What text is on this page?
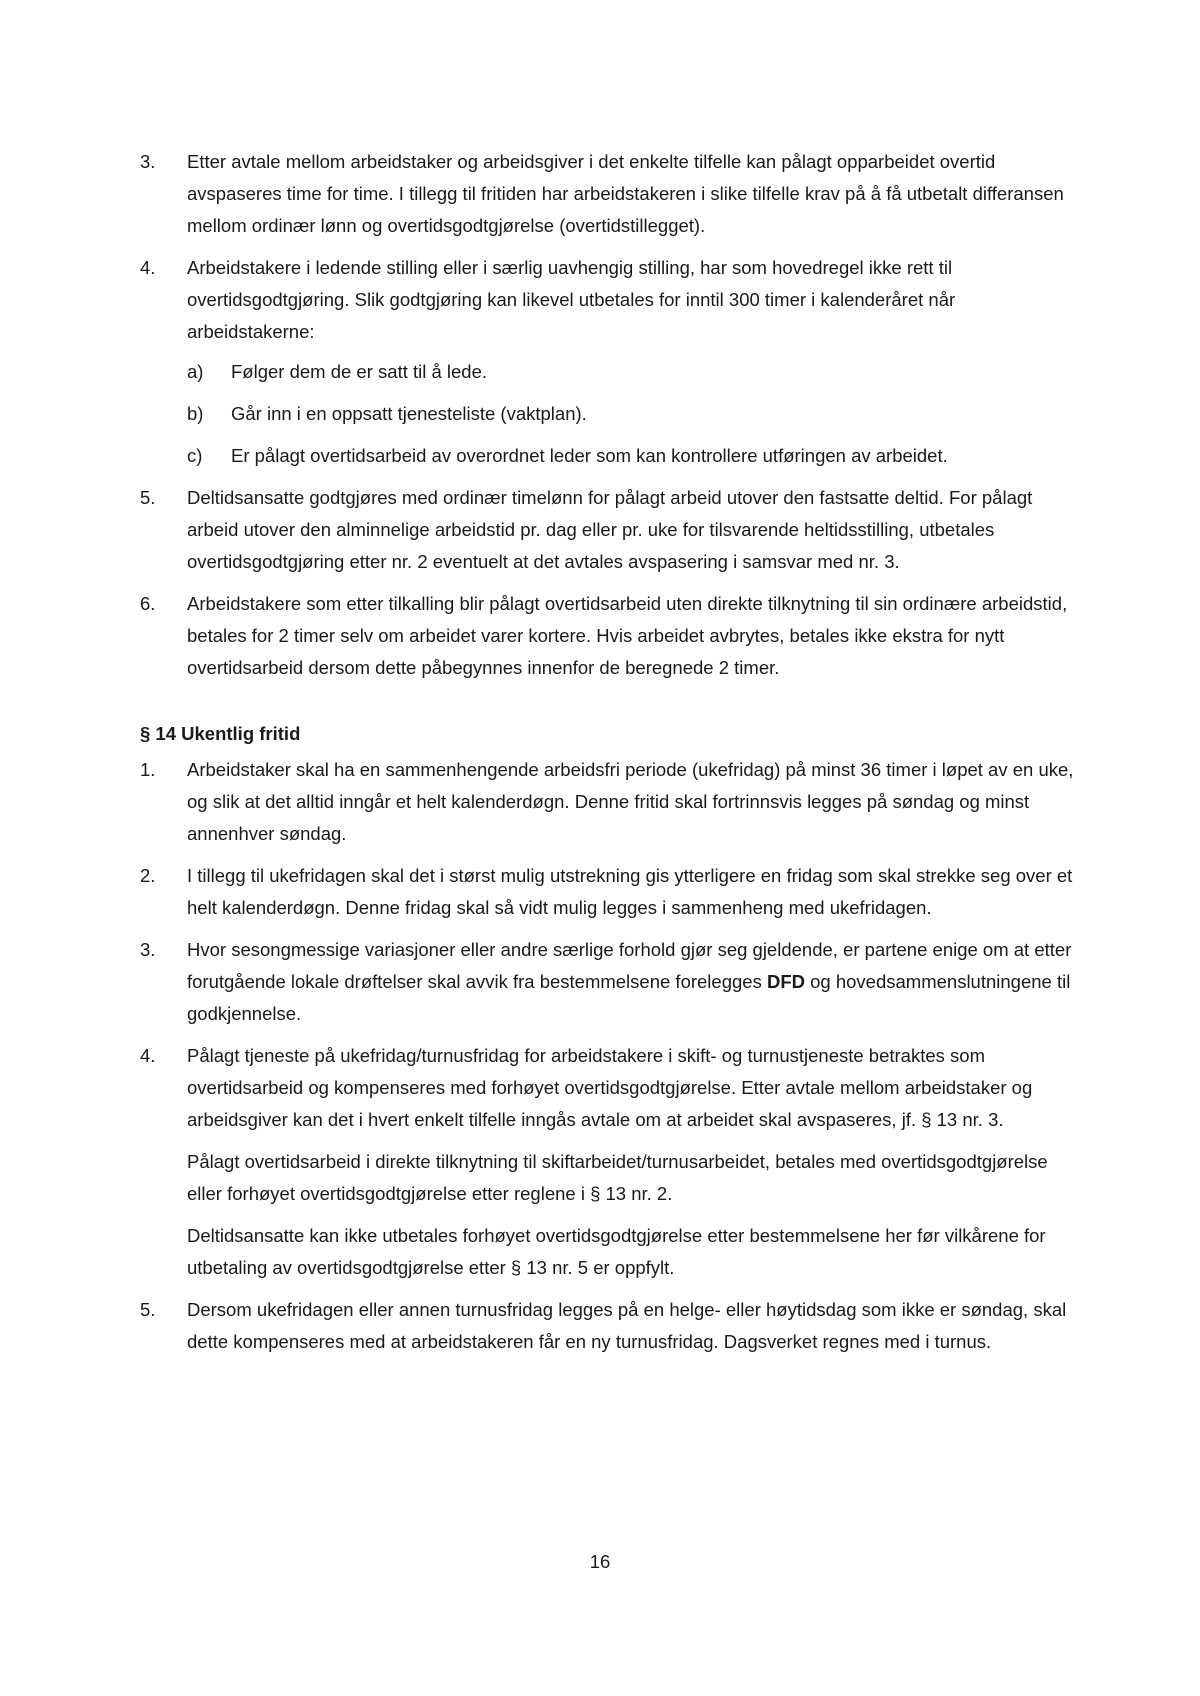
3.	Etter avtale mellom arbeidstaker og arbeidsgiver i det enkelte tilfelle kan pålagt opparbeidet overtid avspaseres time for time. I tillegg til fritiden har arbeidstakeren i slike tilfelle krav på å få utbetalt differansen mellom ordinær lønn og overtidsgodtgjørelse (overtidstillegget).

4.	Arbeidstakere i ledende stilling eller i særlig uavhengig stilling, har som hovedregel ikke rett til overtidsgodtgjøring. Slik godtgjøring kan likevel utbetales for inntil 300 timer i kalenderåret når arbeidstakerne:

a)	Følger dem de er satt til å lede.
b)	Går inn i en oppsatt tjenesteliste (vaktplan).
c)	Er pålagt overtidsarbeid av overordnet leder som kan kontrollere utføringen av arbeidet.
5.	Deltidsansatte godtgjøres med ordinær timelønn for pålagt arbeid utover den fastsatte deltid. For pålagt arbeid utover den alminnelige arbeidstid pr. dag eller pr. uke for tilsvarende heltidsstilling, utbetales overtidsgodtgjøring etter nr. 2 eventuelt at det avtales avspasering i samsvar med nr. 3.

6.	Arbeidstakere som etter tilkalling blir pålagt overtidsarbeid uten direkte tilknytning til sin ordinære arbeidstid, betales for 2 timer selv om arbeidet varer kortere. Hvis arbeidet avbrytes, betales ikke ekstra for nytt overtidsarbeid dersom dette påbegynnes innenfor de beregnede 2 timer.

§ 14 Ukentlig fritid
1.	Arbeidstaker skal ha en sammenhengende arbeidsfri periode (ukefridag) på minst 36 timer i løpet av en uke, og slik at det alltid inngår et helt kalenderdøgn. Denne fritid skal fortrinnsvis legges på søndag og minst annenhver søndag.

2.	I tillegg til ukefridagen skal det i størst mulig utstrekning gis ytterligere en fridag som skal strekke seg over et helt kalenderdøgn. Denne fridag skal så vidt mulig legges i sammenheng med ukefridagen.

3.	Hvor sesongmessige variasjoner eller andre særlige forhold gjør seg gjeldende, er partene enige om at etter forutgående lokale drøftelser skal avvik fra bestemmelsene forelegges DFD og hovedsammenslutningene til godkjennelse.

4.	Pålagt tjeneste på ukefridag/turnusfridag for arbeidstakere i skift- og turnustjeneste betraktes som overtidsarbeid og kompenseres med forhøyet overtidsgodtgjørelse. Etter avtale mellom arbeidstaker og arbeidsgiver kan det i hvert enkelt tilfelle inngås avtale om at arbeidet skal avspaseres, jf. § 13 nr. 3.

Pålagt overtidsarbeid i direkte tilknytning til skiftarbeidet/turnusarbeidet, betales med overtidsgodtgjørelse eller forhøyet overtidsgodtgjørelse etter reglene i § 13 nr. 2.

Deltidsansatte kan ikke utbetales forhøyet overtidsgodtgjørelse etter bestemmelsene her før vilkårene for utbetaling av overtidsgodtgjørelse etter § 13 nr. 5 er oppfylt.

5.	Dersom ukefridagen eller annen turnusfridag legges på en helge- eller høytidsdag som ikke er søndag, skal dette kompenseres med at arbeidstakeren får en ny turnusfridag. Dagsverket regnes med i turnus.

16
